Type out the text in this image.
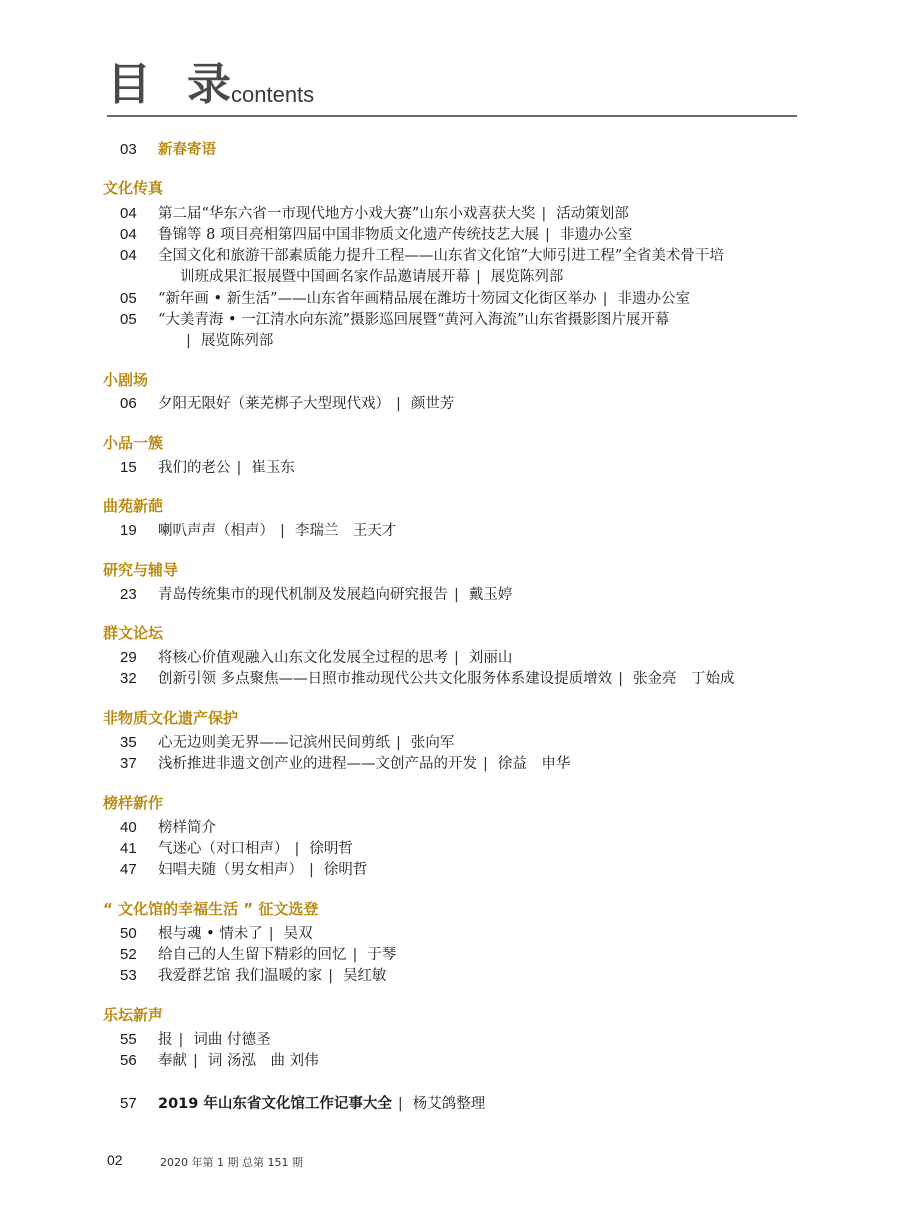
目 录 contents
03 新春寄语
文化传真
04 第二届“华东六省一市现代地方小戏大赛”山东小戏喜获大奖 | 活动策划部
04 鲁锦等 8 项目亮相第四届中国非物质文化遗产传统技艺大展 | 非遗办公室
04 全国文化和旅游干部素质能力提升工程——山东省文化馆“大师引进工程”全省美术骨干培
训班成果汇报展暨中国画名家作品邀请展开幕 | 展览陈列部
05 “新年画 • 新生活”——山东省年画精品展在潍坊十笏园文化街区举办 | 非遗办公室
05 “大美青海 • 一江清水向东流”摄影巡回展暨“黄河入海流”山东省摄影图片展开幕
| 展览陈列部
小剧场
06 夕阳无限好（莱芜梆子大型现代戏） | 颜世芳
小品一簇
15 我们的老公 | 崔玉东
曲苑新葩
19 喇叭声声（相声） | 李瑞兰　王天才
研究与辅导
23 青岛传统集市的现代机制及发展趋向研究报告 | 戴玉婷
群文论坛
29 将核心价值观融入山东文化发展全过程的思考 | 刘丽山
32 创新引领 多点聚焦——日照市推动现代公共文化服务体系建设提质增效 | 张金亮　丁始成
非物质文化遗产保护
35 心无边则美无界——记滨州民间剪纸 | 张向军
37 浅析推进非遗文创产业的进程——文创产品的开发 | 徐益　申华
榜样新作
40 榜样简介
41 气迷心（对口相声） | 徐明哲
47 妇唱夫随（男女相声） | 徐明哲
“ 文化馆的幸福生活 ” 征文选登
50 根与魂 • 情未了 | 吴双
52 给自己的人生留下精彩的回忆 | 于琴
53 我爱群艺馆 我们温暖的家 | 吴红敏
乐坛新声
55 报 | 词曲 付德圣
56 奉献 | 词 汤泓　曲 刘伟
57 2019 年山东省文化馆工作记事大全 | 杨艾鸽整理
02	2020 年第 1 期 总第 151 期
